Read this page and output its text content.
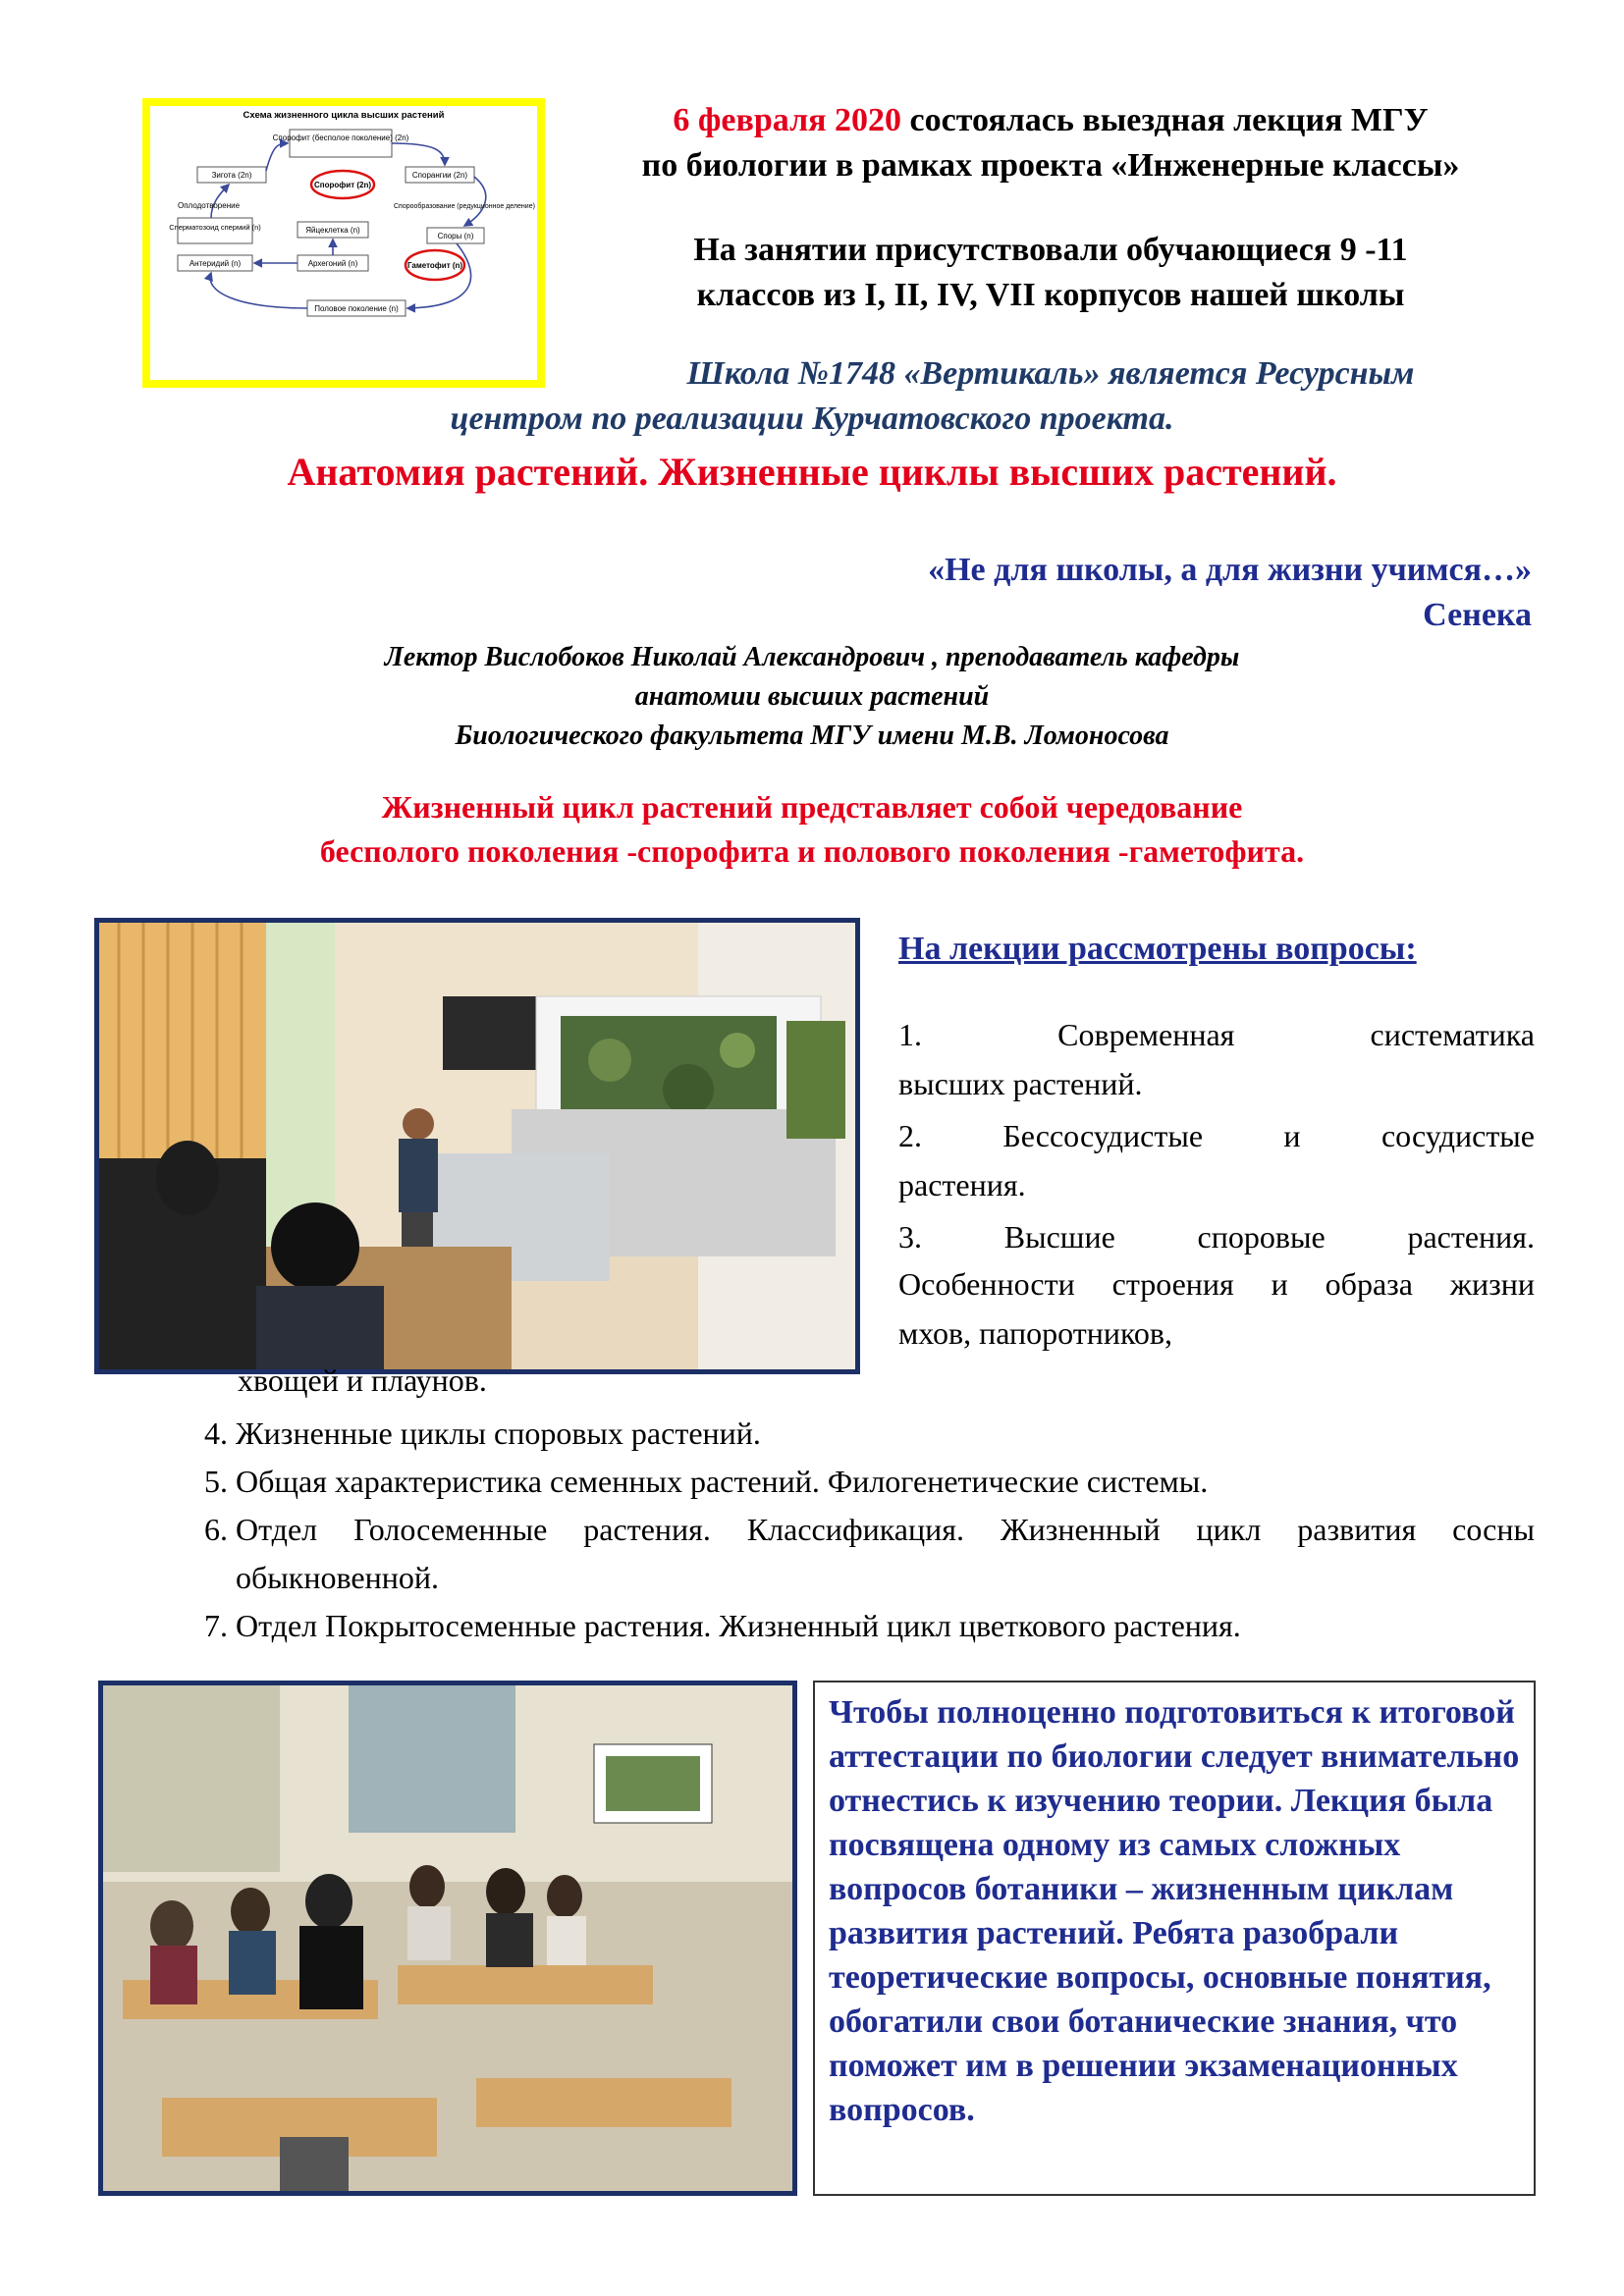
Схема жизненного цикла высших растений
Спорофит (бесполое поколение) (2n)
Зигота (2n)	Спорангии (2n)
Спорофит (2n)
Оплодотворение	Спорообразование (редукционное деление)
Сперматозоид спермий (n)	Яйцеклетка (n)
Споры (n)
Антеридий (n)	Архегоний (n)	Гаметофит (n)
Половое поколение (n)
6 февраля 2020 состоялась выездная лекция МГУ
по биологии в рамках проекта «Инженерные классы»
На занятии присутствовали обучающиеся 9 -11
классов из I, II, IV, VII корпусов нашей школы
Школа №1748 «Вертикаль» является Ресурсным
центром по реализации Курчатовского проекта.
Анатомия растений. Жизненные циклы высших растений.
«Не для школы, а для жизни учимся…»
Сенека
Лектор Вислобоков Николай Александрович , преподаватель кафедры
анатомии высших растений
Биологического факультета МГУ имени М.В. Ломоносова
Жизненный цикл растений представляет собой чередование
бесполого поколения -спорофита и полового поколения -гаметофита.
На лекции рассмотрены вопросы:
1. Современная систематика
высших растений.
2. Бессосудистые и сосудистые
растения.
3. Высшие споровые растения.
Особенности строения и образа жизни
мхов, папоротников,
хвощей и плаунов.
4. Жизненные циклы споровых растений.
5. Общая характеристика семенных растений. Филогенетические системы.
6. Отдел Голосеменные растения. Классификация. Жизненный цикл развития сосны обыкновенной.
7. Отдел Покрытосеменные растения. Жизненный цикл цветкового растения.
Чтобы полноценно подготовиться к итоговой аттестации по биологии следует внимательно отнестись к изучению теории. Лекция была посвящена одному из самых сложных вопросов ботаники – жизненным циклам развития растений. Ребята разобрали теоретические вопросы, основные понятия, обогатили свои ботанические знания, что поможет им в решении экзаменационных вопросов.
